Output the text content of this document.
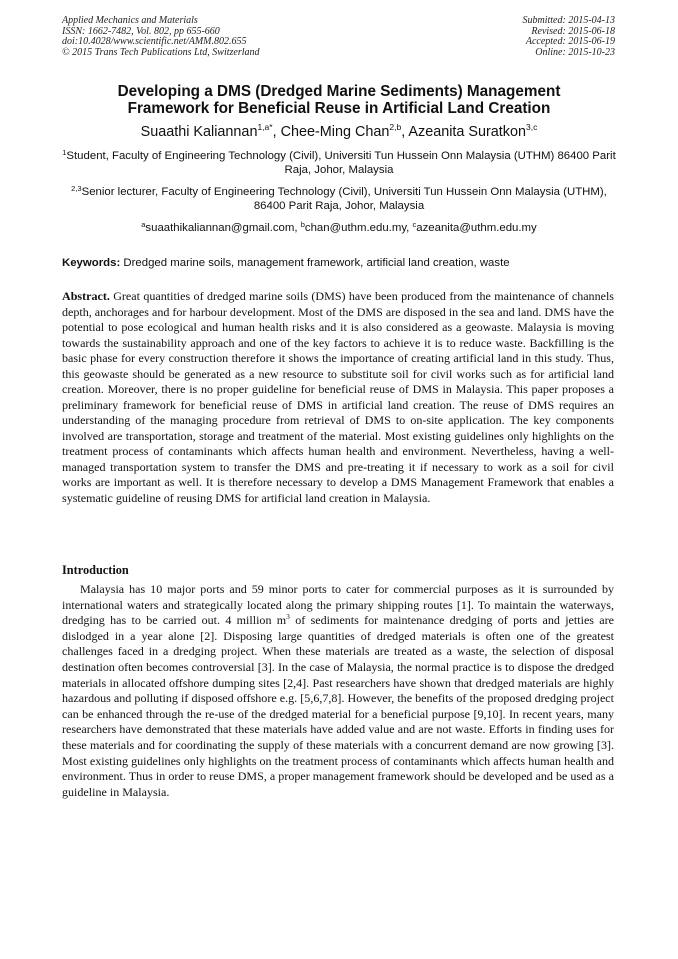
Applied Mechanics and Materials
ISSN: 1662-7482, Vol. 802, pp 655-660
doi:10.4028/www.scientific.net/AMM.802.655
© 2015 Trans Tech Publications Ltd, Switzerland
Submitted: 2015-04-13
Revised: 2015-06-18
Accepted: 2015-06-19
Online: 2015-10-23
Developing a DMS (Dredged Marine Sediments) Management
Framework for Beneficial Reuse in Artificial Land Creation
Suaathi Kaliannan$^{1,a*}$, Chee-Ming Chan$^{2,b}$, Azeanita Suratkon$^{3,c}$
$^1$Student, Faculty of Engineering Technology (Civil), Universiti Tun Hussein Onn Malaysia (UTHM) 86400 Parit Raja, Johor, Malaysia
$^{2,3}$Senior lecturer, Faculty of Engineering Technology (Civil), Universiti Tun Hussein Onn Malaysia (UTHM), 86400 Parit Raja, Johor, Malaysia
$^a$suaathikaliannan@gmail.com, $^b$chan@uthm.edu.my, $^c$azeanita@uthm.edu.my
Keywords: Dredged marine soils, management framework, artificial land creation, waste
Abstract. Great quantities of dredged marine soils (DMS) have been produced from the maintenance of channels depth, anchorages and for harbour development. Most of the DMS are disposed in the sea and land. DMS have the potential to pose ecological and human health risks and it is also considered as a geowaste. Malaysia is moving towards the sustainability approach and one of the key factors to achieve it is to reduce waste. Backfilling is the basic phase for every construction therefore it shows the importance of creating artificial land in this study. Thus, this geowaste should be generated as a new resource to substitute soil for civil works such as for artificial land creation. Moreover, there is no proper guideline for beneficial reuse of DMS in Malaysia. This paper proposes a preliminary framework for beneficial reuse of DMS in artificial land creation. The reuse of DMS requires an understanding of the managing procedure from retrieval of DMS to on-site application. The key components involved are transportation, storage and treatment of the material. Most existing guidelines only highlights on the treatment process of contaminants which affects human health and environment. Nevertheless, having a well-managed transportation system to transfer the DMS and pre-treating it if necessary to work as a soil for civil works are important as well. It is therefore necessary to develop a DMS Management Framework that enables a systematic guideline of reusing DMS for artificial land creation in Malaysia.
Introduction
Malaysia has 10 major ports and 59 minor ports to cater for commercial purposes as it is surrounded by international waters and strategically located along the primary shipping routes [1]. To maintain the waterways, dredging has to be carried out. 4 million $m^3$ of sediments for maintenance dredging of ports and jetties are dislodged in a year alone [2]. Disposing large quantities of dredged materials is often one of the greatest challenges faced in a dredging project. When these materials are treated as a waste, the selection of disposal destination often becomes controversial [3]. In the case of Malaysia, the normal practice is to dispose the dredged materials in allocated offshore dumping sites [2,4]. Past researchers have shown that dredged materials are highly hazardous and polluting if disposed offshore e.g. [5,6,7,8]. However, the benefits of the proposed dredging project can be enhanced through the re-use of the dredged material for a beneficial purpose [9,10]. In recent years, many researchers have demonstrated that these materials have added value and are not waste. Efforts in finding uses for these materials and for coordinating the supply of these materials with a concurrent demand are now growing [3]. Most existing guidelines only highlights on the treatment process of contaminants which affects human health and environment. Thus in order to reuse DMS, a proper management framework should be developed and be used as a guideline in Malaysia.
